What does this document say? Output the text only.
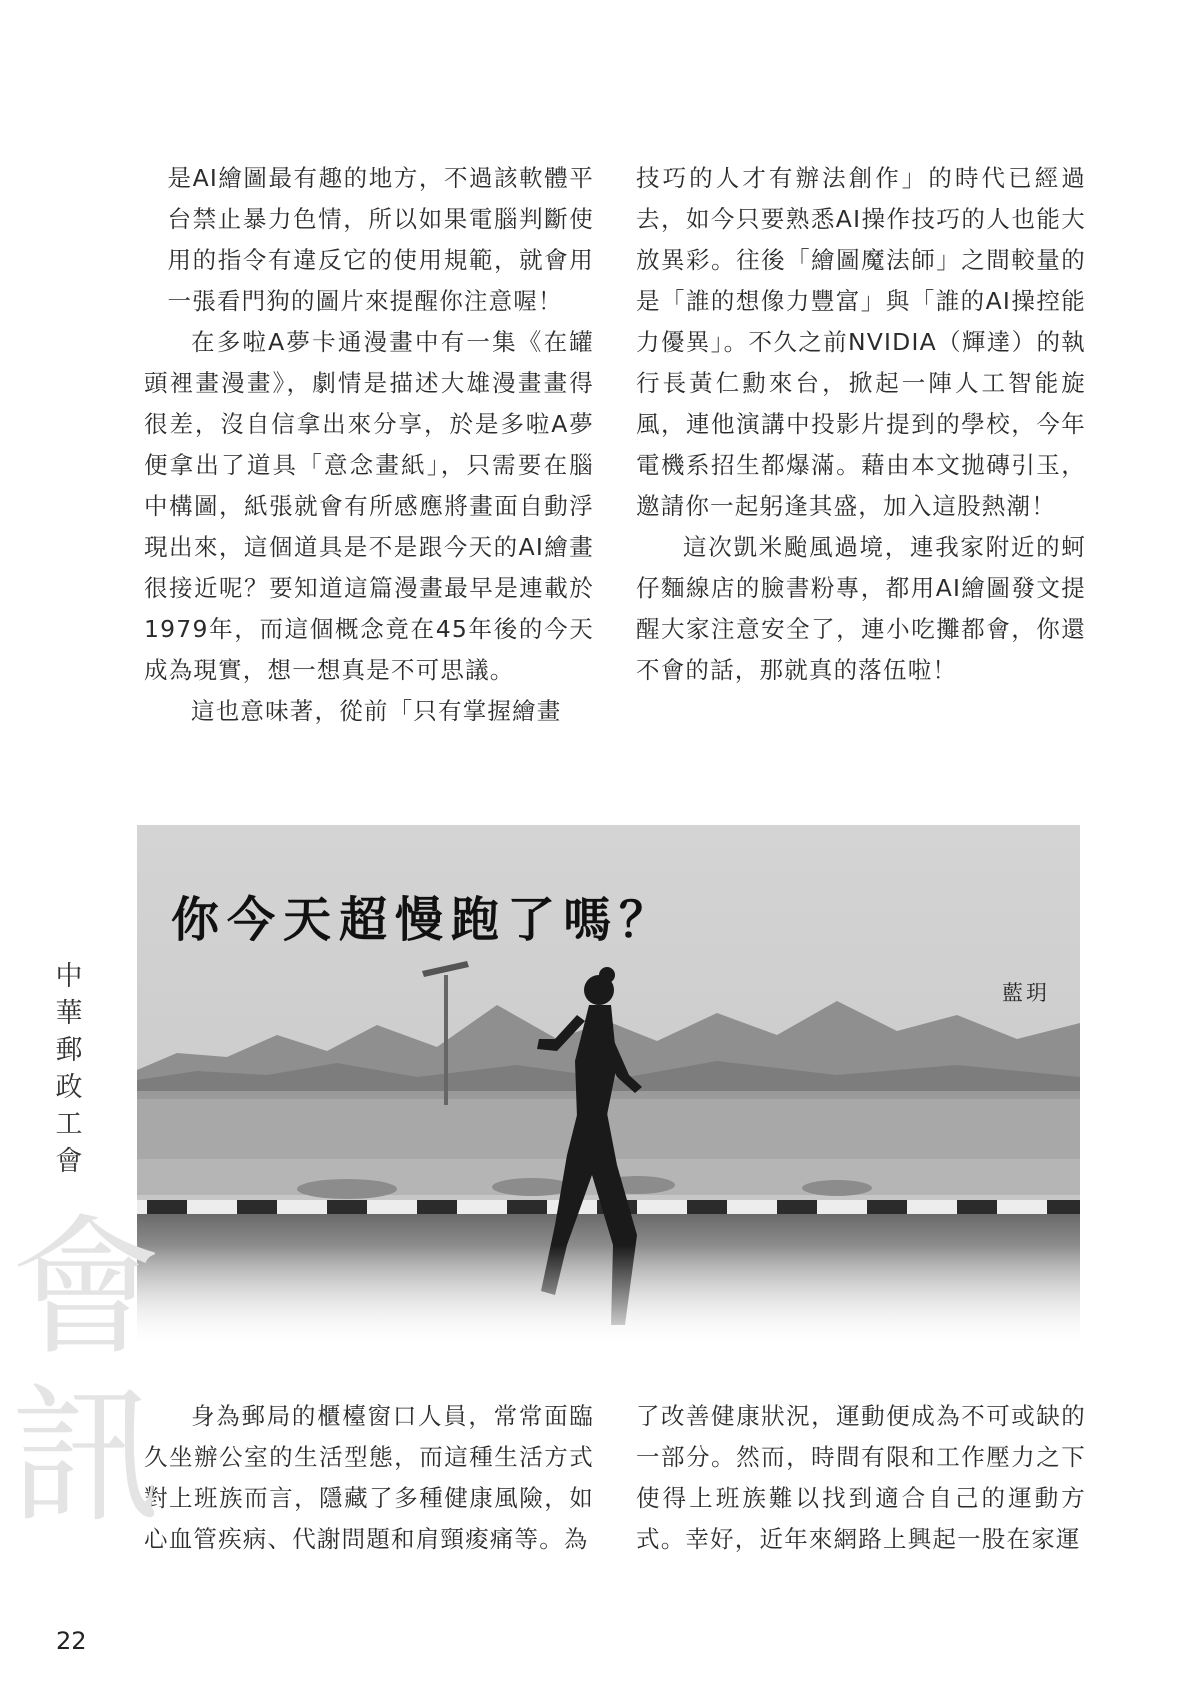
是AI繪圖最有趣的地方，不過該軟體平台禁止暴力色情，所以如果電腦判斷使用的指令有違反它的使用規範，就會用一張看門狗的圖片來提醒你注意喔！

在多啦A夢卡通漫畫中有一集《在罐頭裡畫漫畫》，劇情是描述大雄漫畫畫得很差，沒自信拿出來分享，於是多啦A夢便拿出了道具「意念畫紙」，只需要在腦中構圖，紙張就會有所感應將畫面自動浮現出來，這個道具是不是跟今天的AI繪畫很接近呢？要知道這篇漫畫最早是連載於1979年，而這個概念竟在45年後的今天成為現實，想一想真是不可思議。

這也意味著，從前「只有掌握繪畫

技巧的人才有辦法創作」的時代已經過去，如今只要熟悉AI操作技巧的人也能大放異彩。往後「繪圖魔法師」之間較量的是「誰的想像力豐富」與「誰的AI操控能力優異」。不久之前NVIDIA（輝達）的執行長黃仁勳來台，掀起一陣人工智能旋風，連他演講中投影片提到的學校，今年電機系招生都爆滿。藉由本文拋磚引玉，邀請你一起躬逢其盛，加入這股熱潮！

這次凱米颱風過境，連我家附近的蚵仔麵線店的臉書粉專，都用AI繪圖發文提醒大家注意安全了，連小吃攤都會，你還不會的話，那就真的落伍啦！

你今天超慢跑了嗎？
藍玥

身為郵局的櫃檯窗口人員，常常面臨久坐辦公室的生活型態，而這種生活方式對上班族而言，隱藏了多種健康風險，如心血管疾病、代謝問題和肩頸痠痛等。為

了改善健康狀況，運動便成為不可或缺的一部分。然而，時間有限和工作壓力之下使得上班族難以找到適合自己的運動方式。幸好，近年來網路上興起一股在家運

中
華
郵
政
工
會
會
訊
22
